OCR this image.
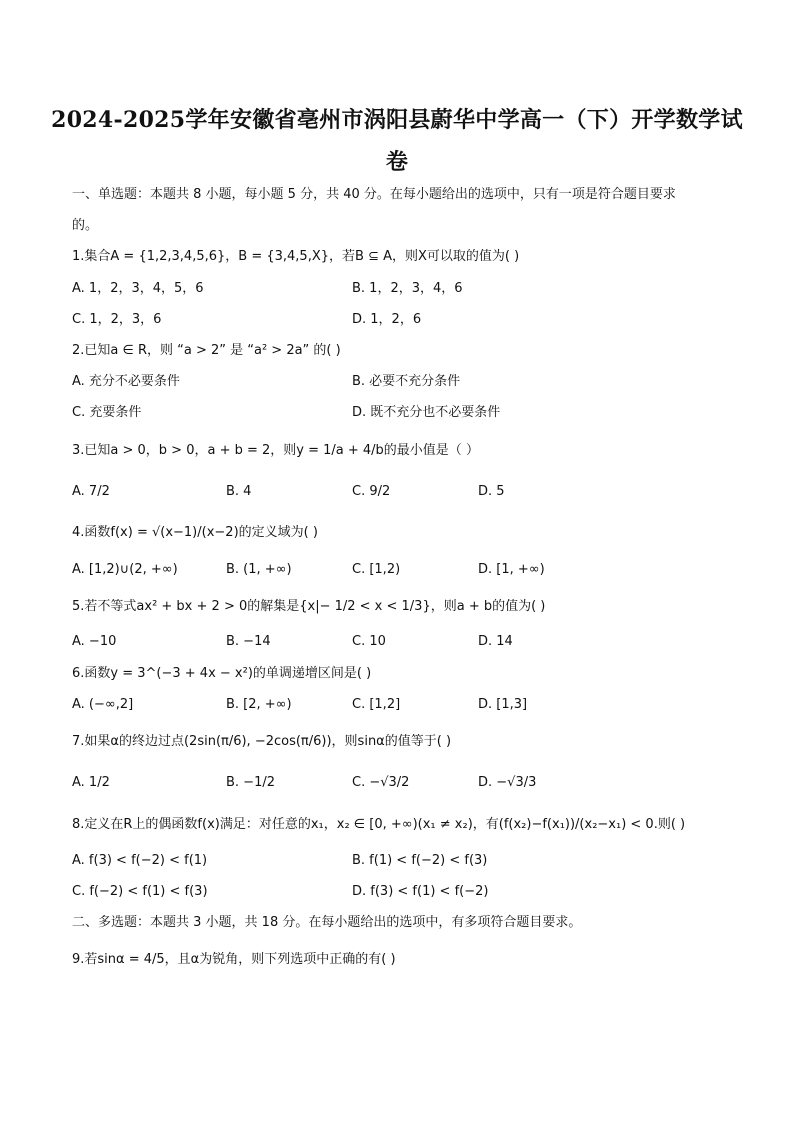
2024-2025学年安徽省亳州市涡阳县蔚华中学高一（下）开学数学试
卷
一、单选题：本题共 8 小题，每小题 5 分，共 40 分。在每小题给出的选项中，只有一项是符合题目要求
的。
1.集合A = {1,2,3,4,5,6}，B = {3,4,5,X}，若B ⊆ A，则X可以取的值为( )
A. 1，2，3，4，5，6	B. 1，2，3，4，6
C. 1，2，3，6	D. 1，2，6
2.已知a ∈ R，则 “a > 2” 是 “a² > 2a” 的( )
A. 充分不必要条件	B. 必要不充分条件
C. 充要条件	D. 既不充分也不必要条件
3.已知a > 0，b > 0，a + b = 2，则y = 1/a + 4/b的最小值是（ ）
A. 7/2	B. 4	C. 9/2	D. 5
4.函数f(x) = √(x−1)/(x−2)的定义域为( )
A. [1,2)∪(2, +∞)	B. (1, +∞)	C. [1,2)	D. [1, +∞)
5.若不等式ax² + bx + 2 > 0的解集是{x|− 1/2 < x < 1/3}，则a + b的值为( )
A. −10	B. −14	C. 10	D. 14
6.函数y = 3^(−3 + 4x − x²)的单调递增区间是( )
A. (−∞,2]	B. [2, +∞)	C. [1,2]	D. [1,3]
7.如果α的终边过点(2sin(π/6), −2cos(π/6))，则sinα的值等于( )
A. 1/2	B. −1/2	C. −√3/2	D. −√3/3
8.定义在R上的偶函数f(x)满足：对任意的x₁，x₂ ∈ [0, +∞)(x₁ ≠ x₂)，有(f(x₂)−f(x₁))/(x₂−x₁) < 0.则( )
A. f(3) < f(−2) < f(1)	B. f(1) < f(−2) < f(3)
C. f(−2) < f(1) < f(3)	D. f(3) < f(1) < f(−2)
二、多选题：本题共 3 小题，共 18 分。在每小题给出的选项中，有多项符合题目要求。
9.若sinα = 4/5，且α为锐角，则下列选项中正确的有( )
